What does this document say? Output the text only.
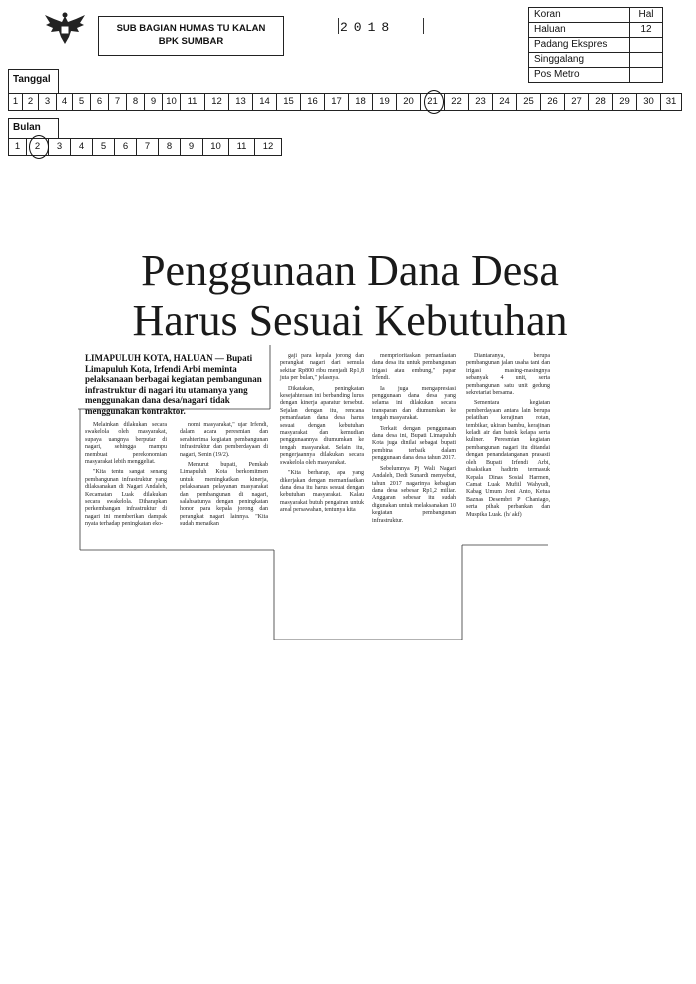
SUB BAGIAN HUMAS TU KALAN
BPK SUMBAR
2018
Koran	Hal
Haluan	12
Padang Ekspres	
Singgalang	
Pos Metro	
Tanggal
1	2	3	4	5	6	7	8	9	10	11	12	13	14	15	16	17	18	19	20	21	22	23	24	25	26	27	28	29	30	31
Bulan
1	2	3	4	5	6	7	8	9	10	11	12
Penggunaan Dana Desa
Harus Sesuai Kebutuhan
LIMAPULUH KOTA, HALUAN — Bupati Limapuluh Kota, Irfendi Arbi meminta pelaksanaan berbagai kegiatan pembangunan infrastruktur di nagari itu utamanya yang menggunakan dana desa/nagari tidak menggunakan kontraktor.

Melainkan dilakukan secara swakelola oleh masyarakat, supaya uangnya berputar di nagari, sehingga mampu membuat perekonomian masyarakat lebih menggeliat.

"Kita tentu sangat senang pembangunan infrastruktur yang dilaksanakan di Nagari Andaleh, Kecamatan Luak dilakukan secara swakelola. Diharapkan perkembangan infrastruktur di nagari ini memberikan dampak nyata terhadap peningkatan eko-

nomi masyarakat," ujar Irfendi, dalam acara peresmian dan serahterima kegiatan pembangunan infrastruktur dan pemberdayaan di nagari, Senin (19/2).

Menurut bupati, Pemkab Limapuluh Kota berkomitmen untuk meningkatkan kinerja, pelaksanaan pelayanan masyarakat dan pembangunan di nagari, salahsatunya dengan peningkatan honor para kepala jorong dan perangkat nagari lainnya. "Kita sudah menaikan

gaji para kepala jorong dan perangkat nagari dari semula sekitar Rp800 ribu menjadi Rp1,8 juta per bulan," jelasnya.

Dikatakan, peningkatan kesejahteraan ini berbanding lurus dengan kinerja aparatur tersebut. Sejalan dengan itu, rencana pemanfaatan dana desa harus sesuai dengan kebutuhan masyarakat dan kemudian penggunaannya diumumkan ke tengah masyarakat. Selain itu, pengerjaannya dilakukan secara swakelola oleh masyarakat.

"Kita berharap, apa yang dikerjakan dengan memanfaatkan dana desa itu harus sesuai dengan kebutuhan masyarakat. Kalau masyarakat butuh pengairan untuk areal persawahan, tentunya kita

memprioritaskan pemanfaatan dana desa itu untuk pembangunan irigasi atau embung," papar Irfendi.

Ia juga mengapresiasi penggunaan dana desa yang selama ini dilakukan secara transparan dan diumumkan ke tengah masyarakat.

Terkait dengan penggunaan dana desa ini, Bupati Limapuluh Kota juga dinilai sebagai bupati pembina terbaik dalam penggunaan dana desa tahun 2017.

Sebelumnya Pj Wali Nagari Andaleh, Dedi Sunardi menyebut, tahun 2017 nagarinya kebagian dana desa sebesar Rp1,2 miliar. Anggaran sebesar itu sudah digunakan untuk melaksanakan 10 kegiatan pembangunan infrastruktur.

Diantaranya, berupa pembangunan jalan usaha tani dan irigasi masing-masingnya sebanyak 4 unit, serta pembangunan satu unit gedung sekretariat bersama.

Sementara kegiatan pemberdayaan antara lain berupa pelatihan kerajinan rotan, tembikar, ukiran bambu, kerajinan keladi air dan batok kelapa serta kuliner. Peresmian kegiatan pembangunan nagari itu ditandai dengan penandatanganan prasasti oleh Bupati Irfendi Arbi, disaksikan hadirin termasuk Kepala Dinas Sosial Harmen, Camat Luak Mufiil Wahyudi, Kabag Umum Joni Anto, Ketua Baznas Desembri P Chaniago, serta pihak perbankan dan Muspika Luak. (h/ akf)
